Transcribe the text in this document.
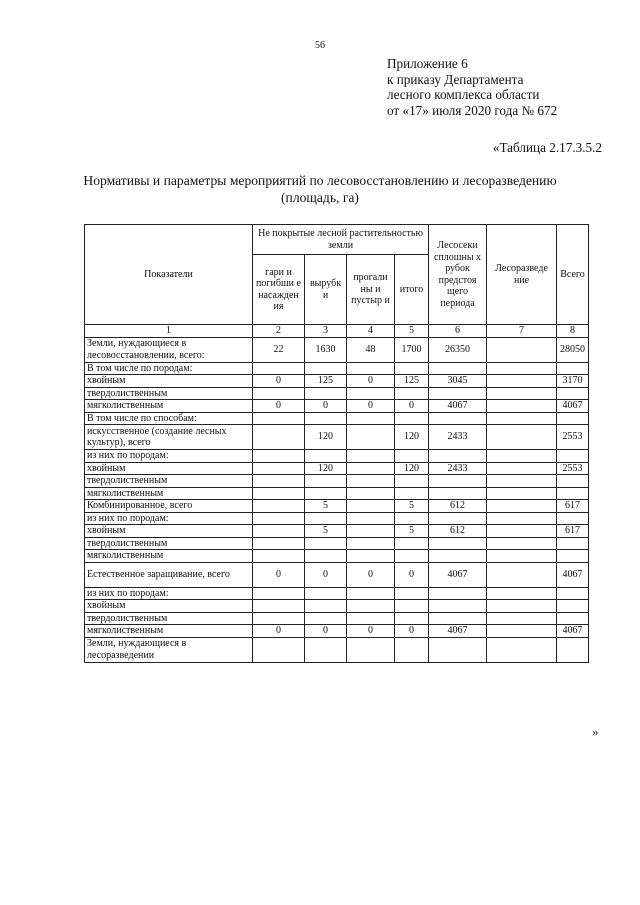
56
Приложение 6
к приказу Департамента
лесного комплекса области
от «17» июля 2020 года № 672
«Таблица 2.17.3.5.2
Нормативы и параметры мероприятий по лесовосстановлению и лесоразведению (площадь, га)
Показатели	Не покрытые лесной растительностью земли				Лесосеки сплошны х рубок предстоя щего периода	Лесоразведе ние	Всего
	гари и погибши е насажден ия	вырубк и	прогали ны и пустыр и	итого			
1	2	3	4	5	6	7	8
Земли, нуждающиеся в лесовосстановлении, всего:	22	1630	48	1700	26350		28050
В том числе по породам:							
хвойным	0	125	0	125	3045		3170
твердолиственным							
мягколиственным	0	0	0	0	4067		4067
В том числе по способам:							
искусственное (создание лесных культур), всего		120		120	2433		2553
из них по породам:							
хвойным		120		120	2433		2553
твердолиственным							
мягколиственным							
Комбинированное, всего		5		5	612		617
из них по породам:							
хвойным		5		5	612		617
твердолиственным							
мягколиственным							
Естественное заращивание, всего	0	0	0	0	4067		4067
из них по породам:							
хвойным							
твердолиственным							
мягколиственным	0	0	0	0	4067		4067
Земли, нуждающиеся в лесоразведении							
»
